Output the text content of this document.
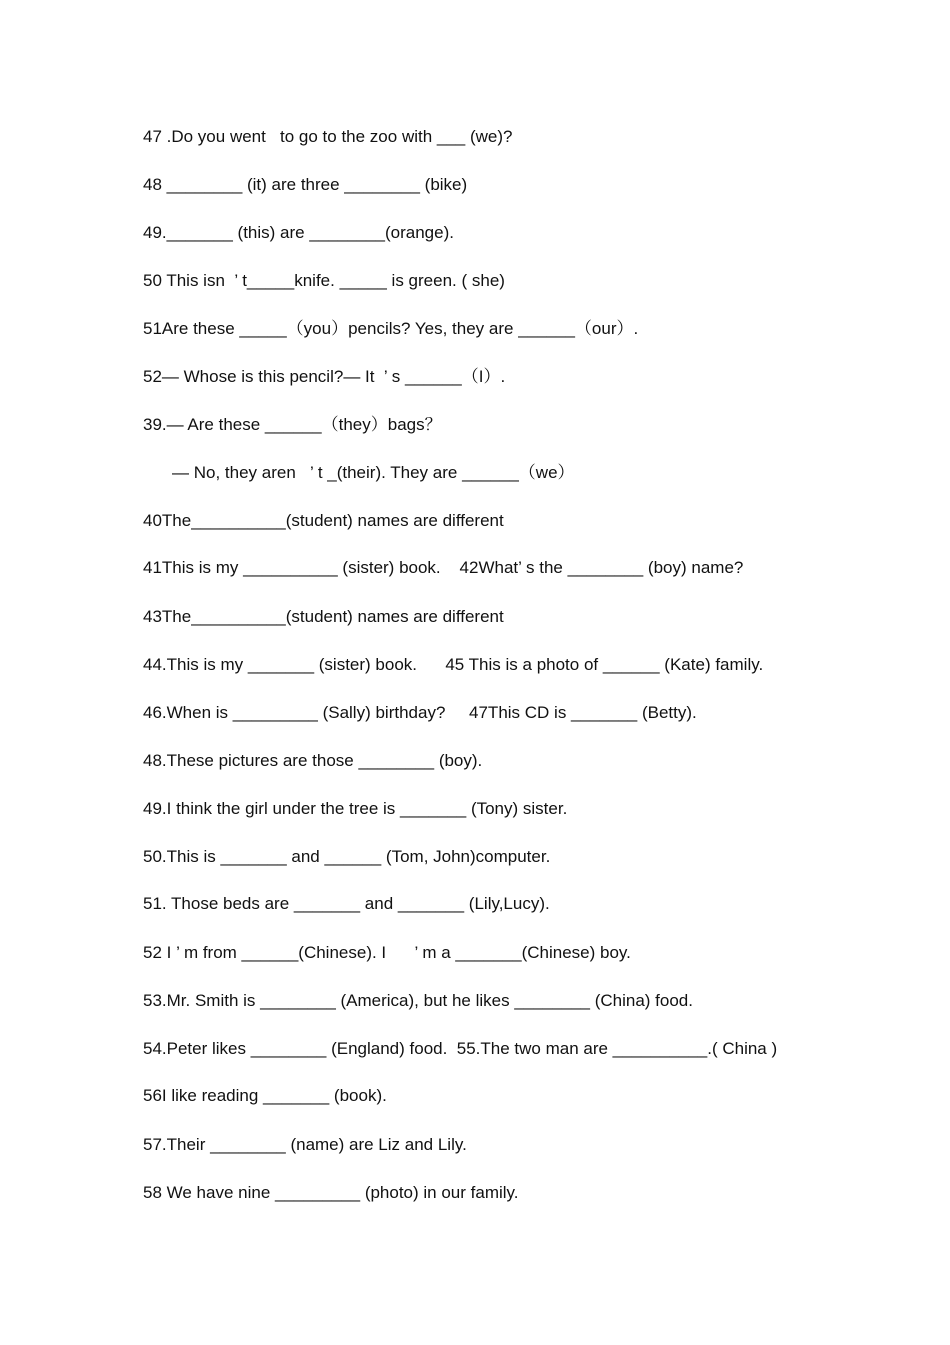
47 .Do you went   to go to the zoo with ___ (we)?
48 ________ (it) are three ________ (bike)
49._______ (this) are ________(orange).
50 This isn  ’ t_____knife. _____ is green. ( she)
51Are these _____（you）pencils? Yes, they are ______（our）.
52— Whose is this pencil?— It  ’ s ______（I）.
39.— Are these ______（they）bags？
— No, they aren   ’ t _(their). They are ______（we）
40The__________(student) names are different
41This is my __________ (sister) book.    42What’ s the ________ (boy) name?
43The__________(student) names are different
44.This is my _______ (sister) book.      45 This is a photo of ______ (Kate) family.
46.When is _________ (Sally) birthday?     47This CD is _______ (Betty).
48.These pictures are those ________ (boy).
49.I think the girl under the tree is _______ (Tony) sister.
50.This is _______ and ______ (Tom, John)computer.
51. Those beds are _______ and _______ (Lily,Lucy).
52 I ’ m from ______(Chinese). I      ’ m a _______(Chinese) boy.
53.Mr. Smith is ________ (America), but he likes ________ (China) food.
54.Peter likes ________ (England) food.  55.The two man are __________.( China )
56I like reading _______ (book).
57.Their ________ (name) are Liz and Lily.
58 We have nine _________ (photo) in our family.
